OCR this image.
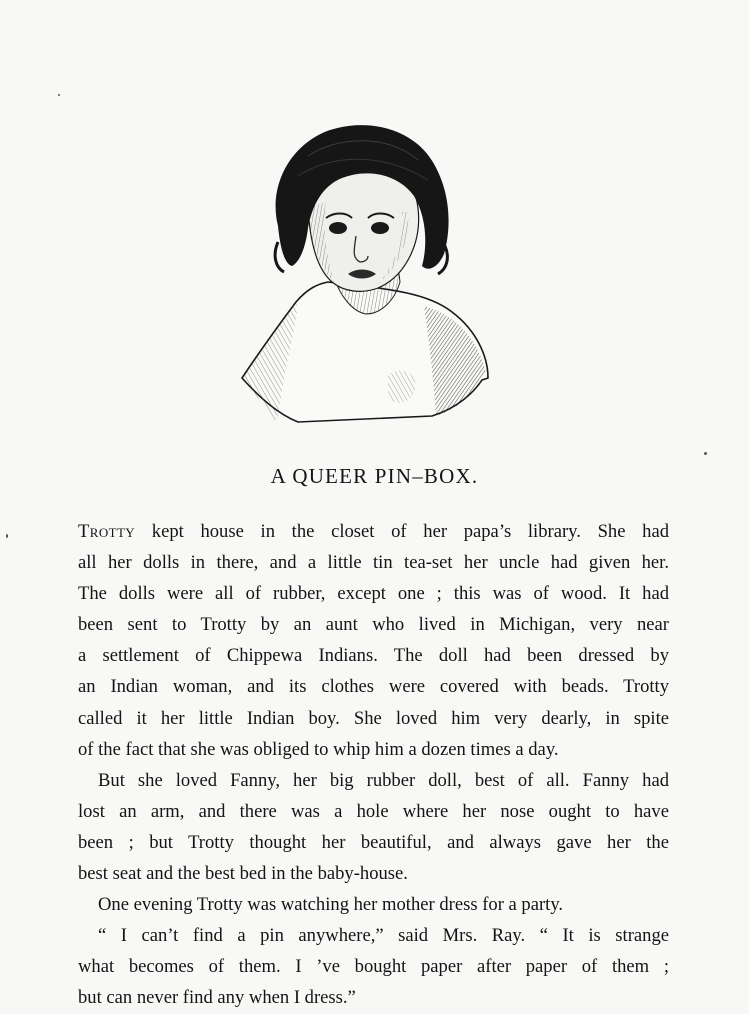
A QUEER PIN–BOX.
Trotty kept house in the closet of her papa’s library. She had
all her dolls in there, and a little tin tea-set her uncle had given her.
The dolls were all of rubber, except one ; this was of wood. It had
been sent to Trotty by an aunt who lived in Michigan, very near
a settlement of Chippewa Indians. The doll had been dressed by
an Indian woman, and its clothes were covered with beads. Trotty
called it her little Indian boy. She loved him very dearly, in spite
of the fact that she was obliged to whip him a dozen times a day.
But she loved Fanny, her big rubber doll, best of all. Fanny had
lost an arm, and there was a hole where her nose ought to have
been ; but Trotty thought her beautiful, and always gave her the
best seat and the best bed in the baby-house.
One evening Trotty was watching her mother dress for a party.
“ I can’t find a pin anywhere,” said Mrs. Ray. “ It is strange
what becomes of them. I ’ve bought paper after paper of them ;
but can never find any when I dress.”
